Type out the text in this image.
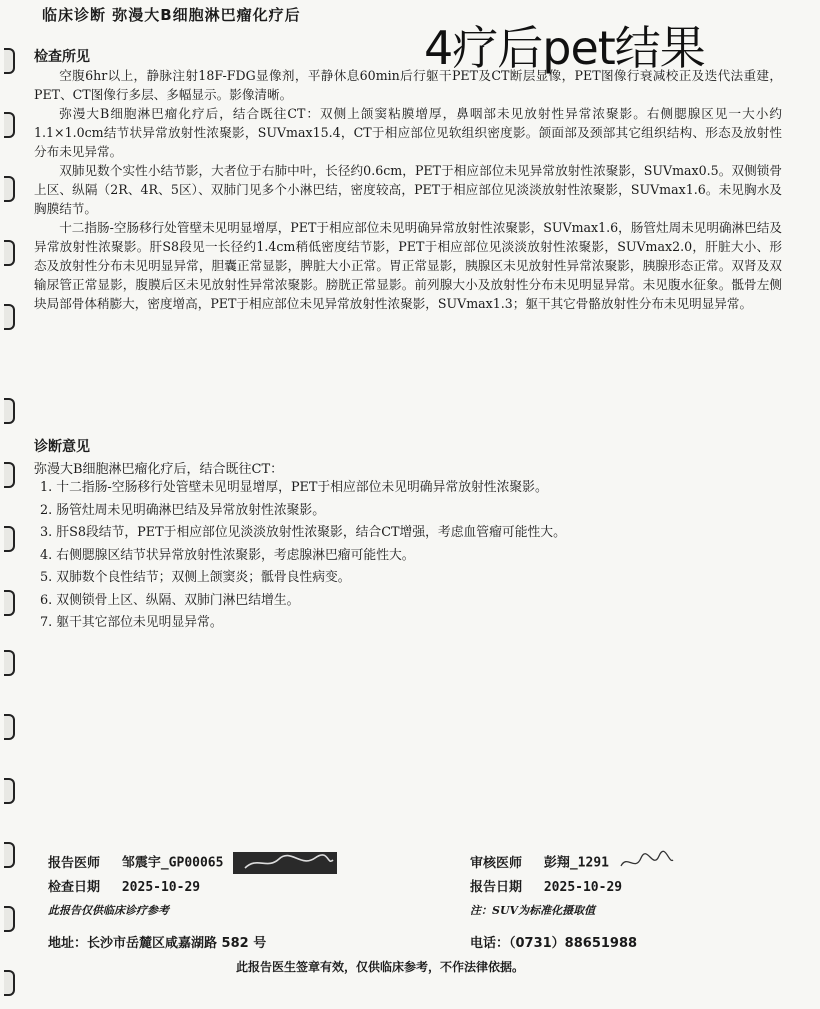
临床诊断 弥漫大B细胞淋巴瘤化疗后
4疗后pet结果
检查所见

空腹6hr以上，静脉注射18F-FDG显像剂，平静休息60min后行躯干PET及CT断层显像，PET图像行衰减校正及迭代法重建，PET、CT图像行多层、多幅显示。影像清晰。

弥漫大B细胞淋巴瘤化疗后，结合既往CT：双侧上颌窦粘膜增厚，鼻咽部未见放射性异常浓聚影。右侧腮腺区见一大小约1.1×1.0cm结节状异常放射性浓聚影，SUVmax15.4，CT于相应部位见软组织密度影。颌面部及颈部其它组织结构、形态及放射性分布未见异常。

双肺见数个实性小结节影，大者位于右肺中叶，长径约0.6cm，PET于相应部位未见异常放射性浓聚影，SUVmax0.5。双侧锁骨上区、纵隔（2R、4R、5区）、双肺门见多个小淋巴结，密度较高，PET于相应部位见淡淡放射性浓聚影，SUVmax1.6。未见胸水及胸膜结节。

十二指肠-空肠移行处管壁未见明显增厚，PET于相应部位未见明确异常放射性浓聚影，SUVmax1.6，肠管灶周未见明确淋巴结及异常放射性浓聚影。肝S8段见一长径约1.4cm稍低密度结节影，PET于相应部位见淡淡放射性浓聚影，SUVmax2.0，肝脏大小、形态及放射性分布未见明显异常，胆囊正常显影，脾脏大小正常。胃正常显影，胰腺区未见放射性异常浓聚影，胰腺形态正常。双肾及双输尿管正常显影，腹膜后区未见放射性异常浓聚影。膀胱正常显影。前列腺大小及放射性分布未见明显异常。未见腹水征象。骶骨左侧块局部骨体稍膨大，密度增高，PET于相应部位未见异常放射性浓聚影，SUVmax1.3；躯干其它骨骼放射性分布未见明显异常。

诊断意见
弥漫大B细胞淋巴瘤化疗后，结合既往CT：
1. 十二指肠-空肠移行处管壁未见明显增厚，PET于相应部位未见明确异常放射性浓聚影。
2. 肠管灶周未见明确淋巴结及异常放射性浓聚影。
3. 肝S8段结节，PET于相应部位见淡淡放射性浓聚影，结合CT增强，考虑血管瘤可能性大。
4. 右侧腮腺区结节状异常放射性浓聚影，考虑腺淋巴瘤可能性大。
5. 双肺数个良性结节；双侧上颌窦炎；骶骨良性病变。
6. 双侧锁骨上区、纵隔、双肺门淋巴结增生。
7. 躯干其它部位未见明显异常。
报告医师 邹震宇_GP00065	审核医师 彭翔_1291
检查日期 2025-10-29	报告日期 2025-10-29
此报告仅供临床诊疗参考	注：SUV为标准化摄取值
地址：长沙市岳麓区咸嘉湖路 582 号	电话：（0731）88651988
此报告医生签章有效，仅供临床参考，不作法律依据。
